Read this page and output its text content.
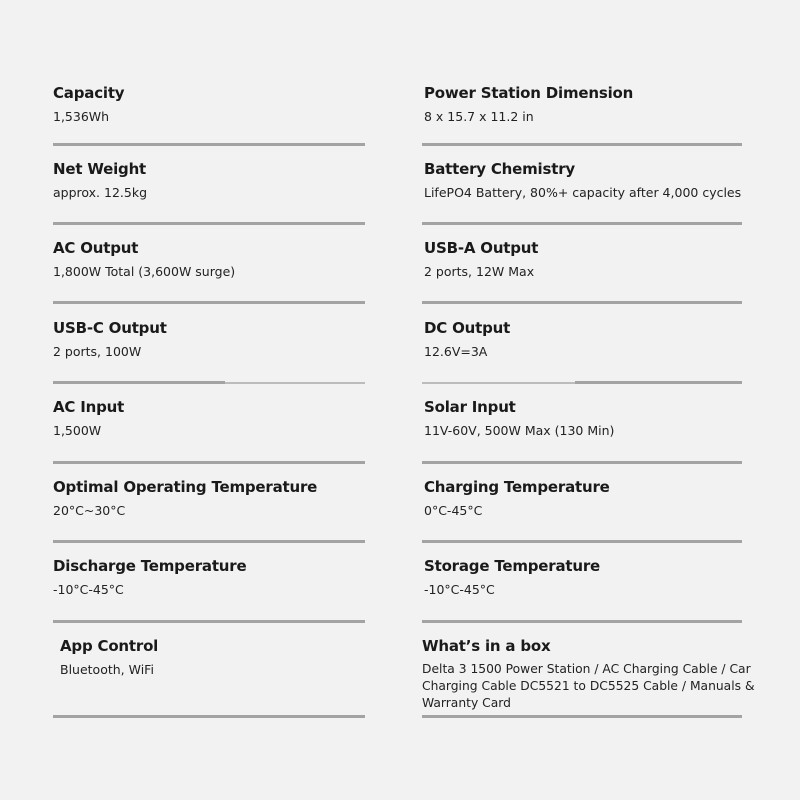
Capacity
1,536Wh
Power Station Dimension
8 x 15.7 x 11.2 in
Net Weight
approx. 12.5kg
Battery Chemistry
LifePO4 Battery, 80%+ capacity after 4,000 cycles
AC Output
1,800W Total (3,600W surge)
USB-A Output
2 ports, 12W Max
USB-C Output
2 ports, 100W
DC Output
12.6V=3A
AC Input
1,500W
Solar Input
11V-60V, 500W Max (130 Min)
Optimal Operating Temperature
20°C~30°C
Charging Temperature
0°C-45°C
Discharge Temperature
-10°C-45°C
Storage Temperature
-10°C-45°C
App Control
Bluetooth, WiFi
What’s in a box
Delta 3 1500 Power Station / AC Charging Cable / Car Charging Cable DC5521 to DC5525 Cable / Manuals & Warranty Card
